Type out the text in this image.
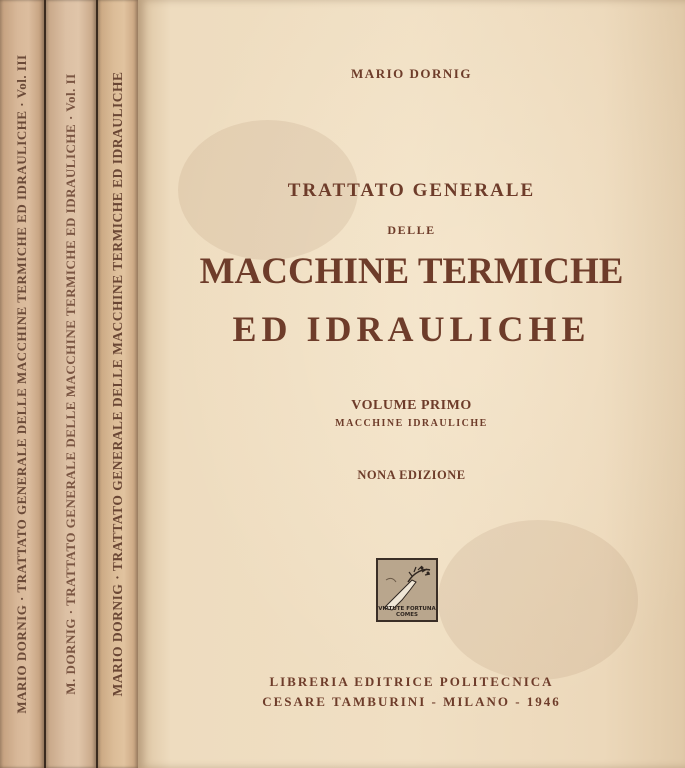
MARIO DORNIG · TRATTATO GENERALE DELLE MACCHINE TERMICHE ED IDRAULICHE · Vol. III	M. DORNIG · TRATTATO GENERALE DELLE MACCHINE TERMICHE ED IDRAULICHE · Vol. II MARIO DORNIG · TRATTATO GENERALE DELLE MACCHINE TERMICHE ED IDRAULICHE	MARIO DORNIG
TRATTATO GENERALE
DELLE
MACCHINE TERMICHE
ED IDRAULICHE
VOLUME PRIMO
MACCHINE IDRAULICHE
NONA EDIZIONE
VIRTUTE FORTUNA COMES
LIBRERIA EDITRICE POLITECNICA
CESARE TAMBURINI - MILANO - 1946
